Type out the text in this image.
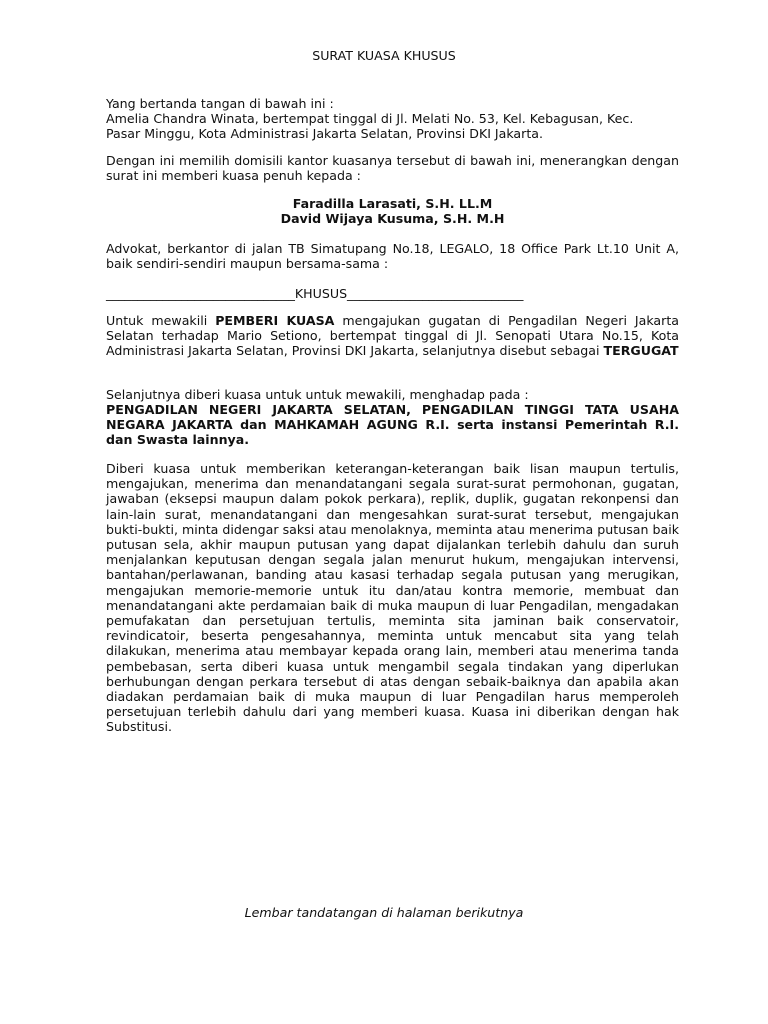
SURAT KUASA KHUSUS
Yang bertanda tangan di bawah ini :
Amelia Chandra Winata, bertempat tinggal di Jl. Melati No. 53, Kel. Kebagusan, Kec.
Pasar Minggu, Kota Administrasi Jakarta Selatan, Provinsi DKI Jakarta.
Dengan ini memilih domisili kantor kuasanya tersebut di bawah ini, menerangkan dengan surat ini memberi kuasa penuh kepada :
Faradilla Larasati, S.H. LL.M
David Wijaya Kusuma, S.H. M.H
Advokat, berkantor di jalan TB Simatupang No.18, LEGALO, 18 Office Park Lt.10 Unit A, baik sendiri-sendiri maupun bersama-sama :
______________________________KHUSUS____________________________
Untuk mewakili PEMBERI KUASA mengajukan gugatan di Pengadilan Negeri Jakarta Selatan terhadap Mario Setiono, bertempat tinggal di Jl. Senopati Utara No.15, Kota Administrasi Jakarta Selatan, Provinsi DKI Jakarta, selanjutnya disebut sebagai TERGUGAT
Selanjutnya diberi kuasa untuk untuk mewakili, menghadap pada :
PENGADILAN NEGERI JAKARTA SELATAN, PENGADILAN TINGGI TATA USAHA NEGARA JAKARTA dan MAHKAMAH AGUNG R.I. serta instansi Pemerintah R.I. dan Swasta lainnya.
Diberi kuasa untuk memberikan keterangan-keterangan baik lisan maupun tertulis, mengajukan, menerima dan menandatangani segala surat-surat permohonan, gugatan, jawaban (eksepsi maupun dalam pokok perkara), replik, duplik, gugatan rekonpensi dan lain-lain surat, menandatangani dan mengesahkan surat-surat tersebut, mengajukan bukti-bukti, minta didengar saksi atau menolaknya, meminta atau menerima putusan baik putusan sela, akhir maupun putusan yang dapat dijalankan terlebih dahulu dan suruh menjalankan keputusan dengan segala jalan menurut hukum, mengajukan intervensi, bantahan/perlawanan, banding atau kasasi terhadap segala putusan yang merugikan, mengajukan memorie-memorie untuk itu dan/atau kontra memorie, membuat dan menandatangani akte perdamaian baik di muka maupun di luar Pengadilan, mengadakan pemufakatan dan persetujuan tertulis, meminta sita jaminan baik conservatoir, revindicatoir, beserta pengesahannya, meminta untuk mencabut sita yang telah dilakukan, menerima atau membayar kepada orang lain, memberi atau menerima tanda pembebasan, serta diberi kuasa untuk mengambil segala tindakan yang diperlukan berhubungan dengan perkara tersebut di atas dengan sebaik-baiknya dan apabila akan diadakan perdamaian baik di muka maupun di luar Pengadilan harus memperoleh persetujuan terlebih dahulu dari yang memberi kuasa. Kuasa ini diberikan dengan hak Substitusi.
Lembar tandatangan di halaman berikutnya
